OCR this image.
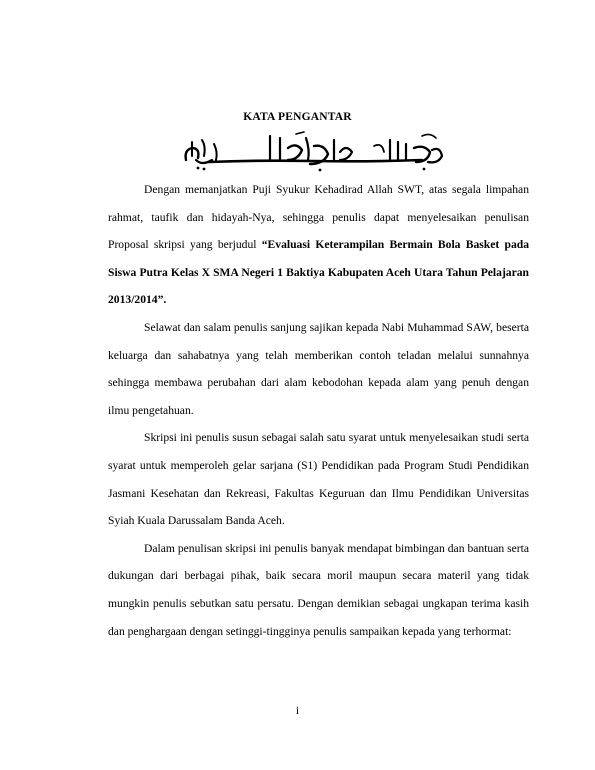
KATA PENGANTAR

Dengan memanjatkan Puji Syukur Kehadirad Allah SWT, atas segala limpahan rahmat, taufik dan hidayah-Nya, sehingga penulis dapat menyelesaikan penulisan Proposal skripsi yang berjudul “Evaluasi Keterampilan Bermain Bola Basket pada Siswa Putra Kelas X SMA Negeri 1 Baktiya Kabupaten Aceh Utara Tahun Pelajaran 2013/2014”.

Selawat dan salam penulis sanjung sajikan kepada Nabi Muhammad SAW, beserta keluarga dan sahabatnya yang telah memberikan contoh teladan melalui sunnahnya sehingga membawa perubahan dari alam kebodohan kepada alam yang penuh dengan ilmu pengetahuan.

Skripsi ini penulis susun sebagai salah satu syarat untuk menyelesaikan studi serta syarat untuk memperoleh gelar sarjana (S1) Pendidikan pada Program Studi Pendidikan Jasmani Kesehatan dan Rekreasi, Fakultas Keguruan dan Ilmu Pendidikan Universitas Syiah Kuala Darussalam Banda Aceh.

Dalam penulisan skripsi ini penulis banyak mendapat bimbingan dan bantuan serta dukungan dari berbagai pihak, baik secara moril maupun secara materil yang tidak mungkin penulis sebutkan satu persatu. Dengan demikian sebagai ungkapan terima kasih dan penghargaan dengan setinggi-tingginya penulis sampaikan kepada yang terhormat:

i
